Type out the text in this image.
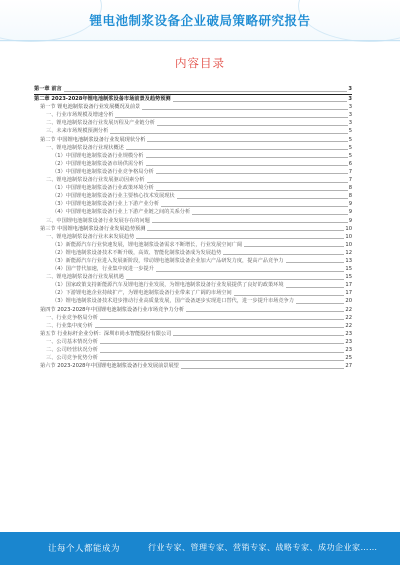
锂电池制浆设备企业破局策略研究报告
内容目录
第一章 前言	3
第二章 2023-2028年锂电池制浆设备市场前景及趋势预测	3
第一节 锂电池制浆设备行业发展概况及前景	3
一、行业市场规模及增速分析	3
二、锂电池制浆设备行业发展历程及产业链分析	3
三、未来市场规模预测分析	5
第二节 中国锂电池制浆设备行业发展现状分析	5
一、锂电池制浆设备行业现状概述	5
（1）中国锂电池制浆设备行业规模分析	5
（2）中国锂电池制浆设备市场供需分析	6
（3）中国锂电池制浆设备行业竞争格局分析	7
二、锂电池制浆设备行业发展驱动因素分析	7
（1）中国锂电池制浆设备行业政策环境分析	8
（2）中国锂电池制浆设备行业主要核心技术发展现状	8
（3）中国锂电池制浆设备行业上下游产业分析	9
（4）中国锂电池制浆设备行业上下游产业链之间的关系分析	9
三、中国锂电池制浆设备行业发展存在的问题	9
第三节 中国锂电池制浆设备行业发展趋势预测	10
一、锂电池制浆设备行业未来发展趋势	10
（1）新能源汽车行业快速发展，锂电池制浆设备需求不断增长，行业发展空间广阔	10
（2）锂电池制浆设备技术不断升级，高效、智能化制浆设备成为发展趋势	12
（3）新能源汽车行业进入发展新阶段，带动锂电池制浆设备企业加大产品研发力度，提高产品竞争力	13
（4）国产替代加速，行业集中度进一步提升	15
二、锂电池制浆设备行业发展机遇	15
（1）国家政策支持新能源汽车及锂电池行业发展，为锂电池制浆设备行业发展提供了良好的政策环境	17
（2）下游锂电池企业持续扩产，为锂电池制浆设备行业带来了广阔的市场空间	17
（3）锂电池制浆设备技术进步推动行业高质量发展，国产设备逐步实现进口替代，进一步提升市场竞争力	20
第四节 2023-2028年中国锂电池制浆设备行业市场竞争力分析	22
一、行业竞争格局分析	22
二、行业集中度分析	22
第五节 行业标杆企业分析：深圳市尚水智能股份有限公司	23
一、公司基本情况分析	23
二、公司经营状况分析	23
三、公司竞争优势分析	25
第六节 2023-2028年中国锂电池制浆设备行业发展前景展望	27
让每个人都能成为	行业专家、管理专家、营销专家、战略专家、成功企业家……
